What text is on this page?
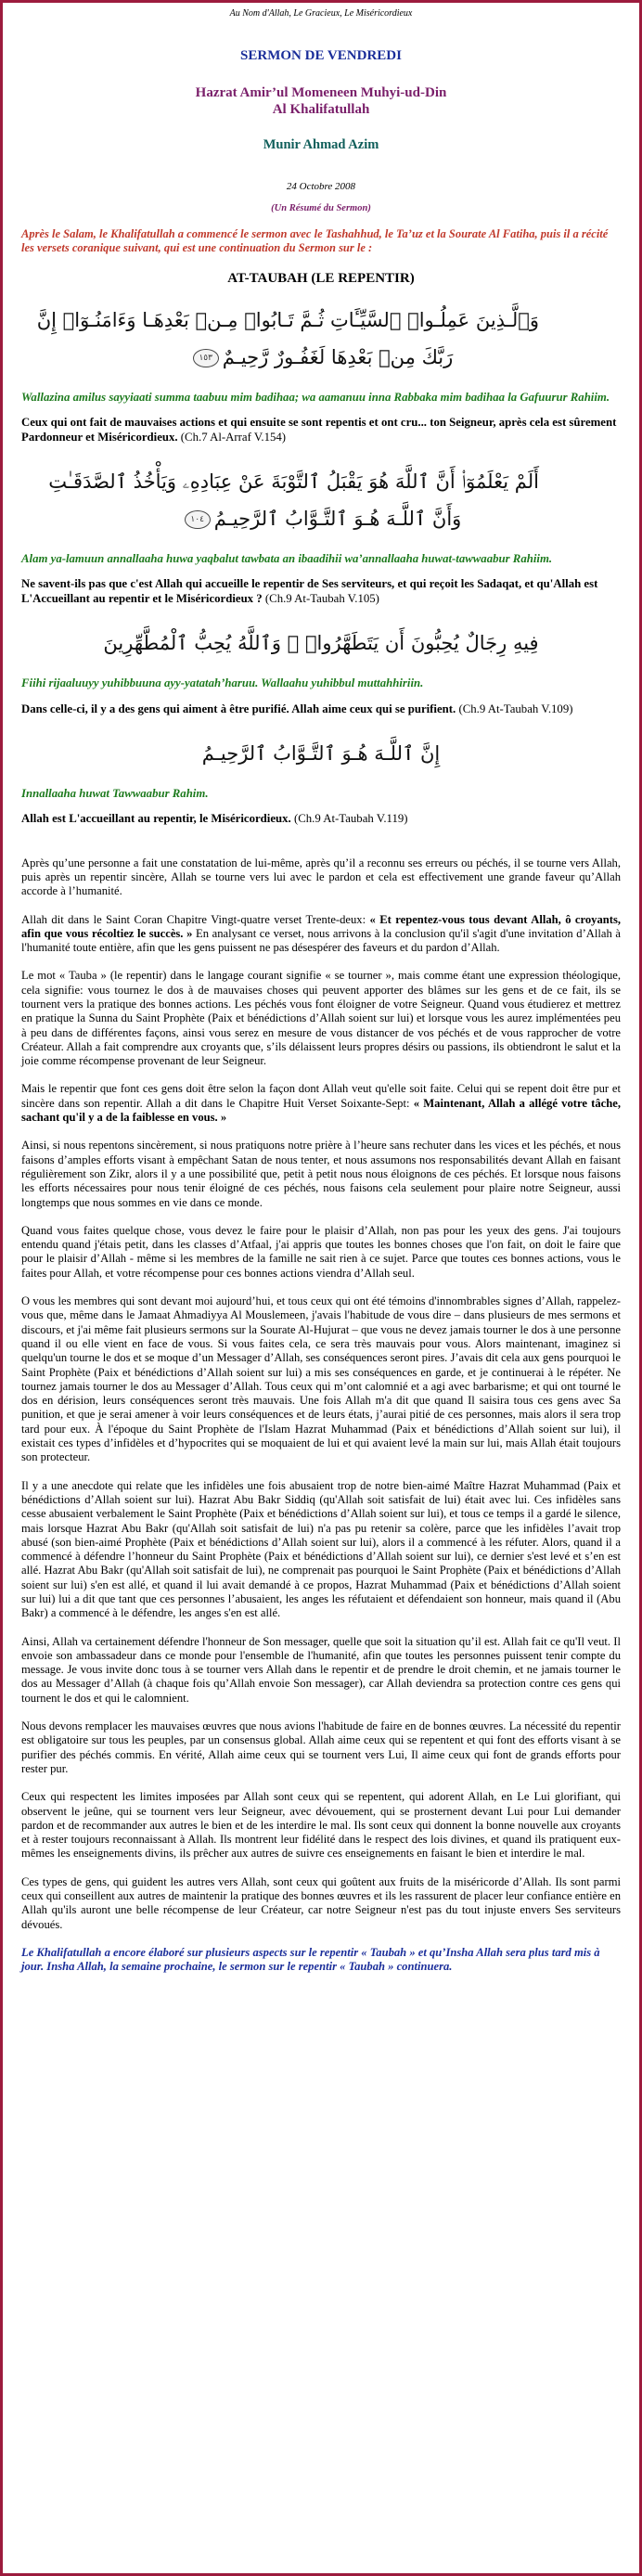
Au Nom d'Allah, Le Gracieux, Le Miséricordieux

SERMON DE VENDREDI

Hazrat Amir’ul Momeneen Muhyi-ud-Din

Al Khalifatullah

Munir Ahmad Azim

24 Octobre 2008

(Un Résumé du Sermon)

Après le Salam, le Khalifatullah a commencé le sermon avec le Tashahhud, le Ta’uz et la Sourate Al Fatiha, puis il a récité les versets coranique suivant, qui est une continuation du Sermon sur le :

AT-TAUBAH (LE REPENTIR)

وَٱلَّـذِينَ عَمِلُـوا۟ ٱلسَّيِّـَٔاتِ ثُـمَّ تَـابُوا۟ مِـنۢ بَعْدِهَـا وَءَامَنُـوٓا۟ إِنَّ
رَبَّكَ مِنۢ بَعْدِهَا لَغَفُـورٌ رَّحِيـمٌ١٥٣

Wallazina amilus sayyiaati summa taabuu mim badihaa; wa aamanuu inna Rabbaka mim badihaa la Gafuurur Rahiim.

Ceux qui ont fait de mauvaises actions et qui ensuite se sont repentis et ont cru... ton Seigneur, après cela est sûrement Pardonneur et Miséricordieux. (Ch.7 Al-Arraf V.154)

أَلَمْ يَعْلَمُوٓا۟ أَنَّ ٱللَّهَ هُوَ يَقْبَلُ ٱلتَّوْبَةَ عَنْ عِبَادِهِۦ وَيَأْخُذُ ٱلصَّدَقَـٰتِ
وَأَنَّ ٱللَّـهَ هُـوَ ٱلتَّـوَّابُ ٱلرَّحِيـمُ١٠٤

Alam ya-lamuun annallaaha huwa yaqbalut tawbata an ibaadihii wa’annallaaha huwat-tawwaabur Rahiim.

Ne savent-ils pas que c'est Allah qui accueille le repentir de Ses serviteurs, et qui reçoit les Sadaqat, et qu'Allah est L'Accueillant au repentir et le Miséricordieux ? (Ch.9 At-Taubah V.105)

فِيهِ رِجَالٌ يُحِبُّونَ أَن يَتَطَهَّرُوا۟ ۚ وَٱللَّهُ يُحِبُّ ٱلْمُطَّهِّرِينَ

Fiihi rijaaluuyy yuhibbuuna ayy-yatatah’haruu. Wallaahu yuhibbul muttahhiriin.

Dans celle-ci, il y a des gens qui aiment à être purifié. Allah aime ceux qui se purifient. (Ch.9 At-Taubah V.109)

إِنَّ ٱللَّـهَ هُـوَ ٱلتَّـوَّابُ ٱلرَّحِيـمُ

Innallaaha huwat Tawwaabur Rahim.

Allah est L'accueillant au repentir, le Miséricordieux. (Ch.9 At-Taubah V.119)

Après qu’une personne a fait une constatation de lui-même, après qu’il a reconnu ses erreurs ou péchés, il se tourne vers Allah, puis après un repentir sincère, Allah se tourne vers lui avec le pardon et cela est effectivement une grande faveur qu’Allah accorde à l’humanité.

Allah dit dans le Saint Coran Chapitre Vingt-quatre verset Trente-deux: « Et repentez-vous tous devant Allah, ô croyants, afin que vous récoltiez le succès. » En analysant ce verset, nous arrivons à la conclusion qu'il s'agit d'une invitation d’Allah à l'humanité toute entière, afin que les gens puissent ne pas désespérer des faveurs et du pardon d’Allah.

Le mot « Tauba » (le repentir) dans le langage courant signifie « se tourner », mais comme étant une expression théologique, cela signifie: vous tournez le dos à de mauvaises choses qui peuvent apporter des blâmes sur les gens et de ce fait, ils se tournent vers la pratique des bonnes actions. Les péchés vous font éloigner de votre Seigneur. Quand vous étudierez et mettrez en pratique la Sunna du Saint Prophète (Paix et bénédictions d’Allah soient sur lui) et lorsque vous les aurez implémentées peu à peu dans de différentes façons, ainsi vous serez en mesure de vous distancer de vos péchés et de vous rapprocher de votre Créateur. Allah a fait comprendre aux croyants que, s’ils délaissent leurs propres désirs ou passions, ils obtiendront le salut et la joie comme récompense provenant de leur Seigneur.

Mais le repentir que font ces gens doit être selon la façon dont Allah veut qu'elle soit faite. Celui qui se repent doit être pur et sincère dans son repentir. Allah a dit dans le Chapitre Huit Verset Soixante-Sept: « Maintenant, Allah a allégé votre tâche, sachant qu'il y a de la faiblesse en vous. »

Ainsi, si nous repentons sincèrement, si nous pratiquons notre prière à l’heure sans rechuter dans les vices et les péchés, et nous faisons d’amples efforts visant à empêchant Satan de nous tenter, et nous assumons nos responsabilités devant Allah en faisant régulièrement son Zikr, alors il y a une possibilité que, petit à petit nous nous éloignons de ces péchés. Et lorsque nous faisons les efforts nécessaires pour nous tenir éloigné de ces péchés, nous faisons cela seulement pour plaire notre Seigneur, aussi longtemps que nous sommes en vie dans ce monde.

Quand vous faites quelque chose, vous devez le faire pour le plaisir d’Allah, non pas pour les yeux des gens. J'ai toujours entendu quand j'étais petit, dans les classes d’Atfaal, j'ai appris que toutes les bonnes choses que l'on fait, on doit le faire que pour le plaisir d’Allah - même si les membres de la famille ne sait rien à ce sujet. Parce que toutes ces bonnes actions, vous le faites pour Allah, et votre récompense pour ces bonnes actions viendra d’Allah seul.

O vous les membres qui sont devant moi aujourd’hui, et tous ceux qui ont été témoins d'innombrables signes d’Allah, rappelez-vous que, même dans le Jamaat Ahmadiyya Al Mouslemeen, j'avais l'habitude de vous dire – dans plusieurs de mes sermons et discours, et j'ai même fait plusieurs sermons sur la Sourate Al-Hujurat – que vous ne devez jamais tourner le dos à une personne quand il ou elle vient en face de vous. Si vous faites cela, ce sera très mauvais pour vous. Alors maintenant, imaginez si quelqu'un tourne le dos et se moque d’un Messager d’Allah, ses conséquences seront pires. J’avais dit cela aux gens pourquoi le Saint Prophète (Paix et bénédictions d’Allah soient sur lui) a mis ses conséquences en garde, et je continuerai à le répéter. Ne tournez jamais tourner le dos au Messager d’Allah. Tous ceux qui m’ont calomnié et a agi avec barbarisme; et qui ont tourné le dos en dérision, leurs conséquences seront très mauvais. Une fois Allah m'a dit que quand Il saisira tous ces gens avec Sa punition, et que je serai amener à voir leurs conséquences et de leurs états, j’aurai pitié de ces personnes, mais alors il sera trop tard pour eux. À l'époque du Saint Prophète de l'Islam Hazrat Muhammad (Paix et bénédictions d’Allah soient sur lui), il existait ces types d’infidèles et d’hypocrites qui se moquaient de lui et qui avaient levé la main sur lui, mais Allah était toujours son protecteur.

Il y a une anecdote qui relate que les infidèles une fois abusaient trop de notre bien-aimé Maître Hazrat Muhammad (Paix et bénédictions d’Allah soient sur lui). Hazrat Abu Bakr Siddiq (qu'Allah soit satisfait de lui) était avec lui. Ces infidèles sans cesse abusaient verbalement le Saint Prophète (Paix et bénédictions d’Allah soient sur lui), et tous ce temps il a gardé le silence, mais lorsque Hazrat Abu Bakr (qu'Allah soit satisfait de lui) n'a pas pu retenir sa colère, parce que les infidèles l’avait trop abusé (son bien-aimé Prophète (Paix et bénédictions d’Allah soient sur lui), alors il a commencé à les réfuter. Alors, quand il a commencé à défendre l’honneur du Saint Prophète (Paix et bénédictions d’Allah soient sur lui), ce dernier s'est levé et s’en est allé. Hazrat Abu Bakr (qu'Allah soit satisfait de lui), ne comprenait pas pourquoi le Saint Prophète (Paix et bénédictions d’Allah soient sur lui) s'en est allé, et quand il lui avait demandé à ce propos, Hazrat Muhammad (Paix et bénédictions d’Allah soient sur lui) lui a dit que tant que ces personnes l’abusaient, les anges les réfutaient et défendaient son honneur, mais quand il (Abu Bakr) a commencé à le défendre, les anges s'en est allé.

Ainsi, Allah va certainement défendre l'honneur de Son messager, quelle que soit la situation qu’il est. Allah fait ce qu'Il veut. Il envoie son ambassadeur dans ce monde pour l'ensemble de l'humanité, afin que toutes les personnes puissent tenir compte du message. Je vous invite donc tous à se tourner vers Allah dans le repentir et de prendre le droit chemin, et ne jamais tourner le dos au Messager d’Allah (à chaque fois qu’Allah envoie Son messager), car Allah deviendra sa protection contre ces gens qui tournent le dos et qui le calomnient.

Nous devons remplacer les mauvaises œuvres que nous avions l'habitude de faire en de bonnes œuvres. La nécessité du repentir est obligatoire sur tous les peuples, par un consensus global. Allah aime ceux qui se repentent et qui font des efforts visant à se purifier des péchés commis. En vérité, Allah aime ceux qui se tournent vers Lui, Il aime ceux qui font de grands efforts pour rester pur.

Ceux qui respectent les limites imposées par Allah sont ceux qui se repentent, qui adorent Allah, en Le Lui glorifiant, qui observent le jeûne, qui se tournent vers leur Seigneur, avec dévouement, qui se prosternent devant Lui pour Lui demander pardon et de recommander aux autres le bien et de les interdire le mal. Ils sont ceux qui donnent la bonne nouvelle aux croyants et à rester toujours reconnaissant à Allah. Ils montrent leur fidélité dans le respect des lois divines, et quand ils pratiquent eux-mêmes les enseignements divins, ils prêcher aux autres de suivre ces enseignements en faisant le bien et interdire le mal.

Ces types de gens, qui guident les autres vers Allah, sont ceux qui goûtent aux fruits de la miséricorde d’Allah. Ils sont parmi ceux qui conseillent aux autres de maintenir la pratique des bonnes œuvres et ils les rassurent de placer leur confiance entière en Allah qu'ils auront une belle récompense de leur Créateur, car notre Seigneur n'est pas du tout injuste envers Ses serviteurs dévoués.

Le Khalifatullah a encore élaboré sur plusieurs aspects sur le repentir « Taubah » et qu’Insha Allah sera plus tard mis à jour. Insha Allah, la semaine prochaine, le sermon sur le repentir « Taubah » continuera.
